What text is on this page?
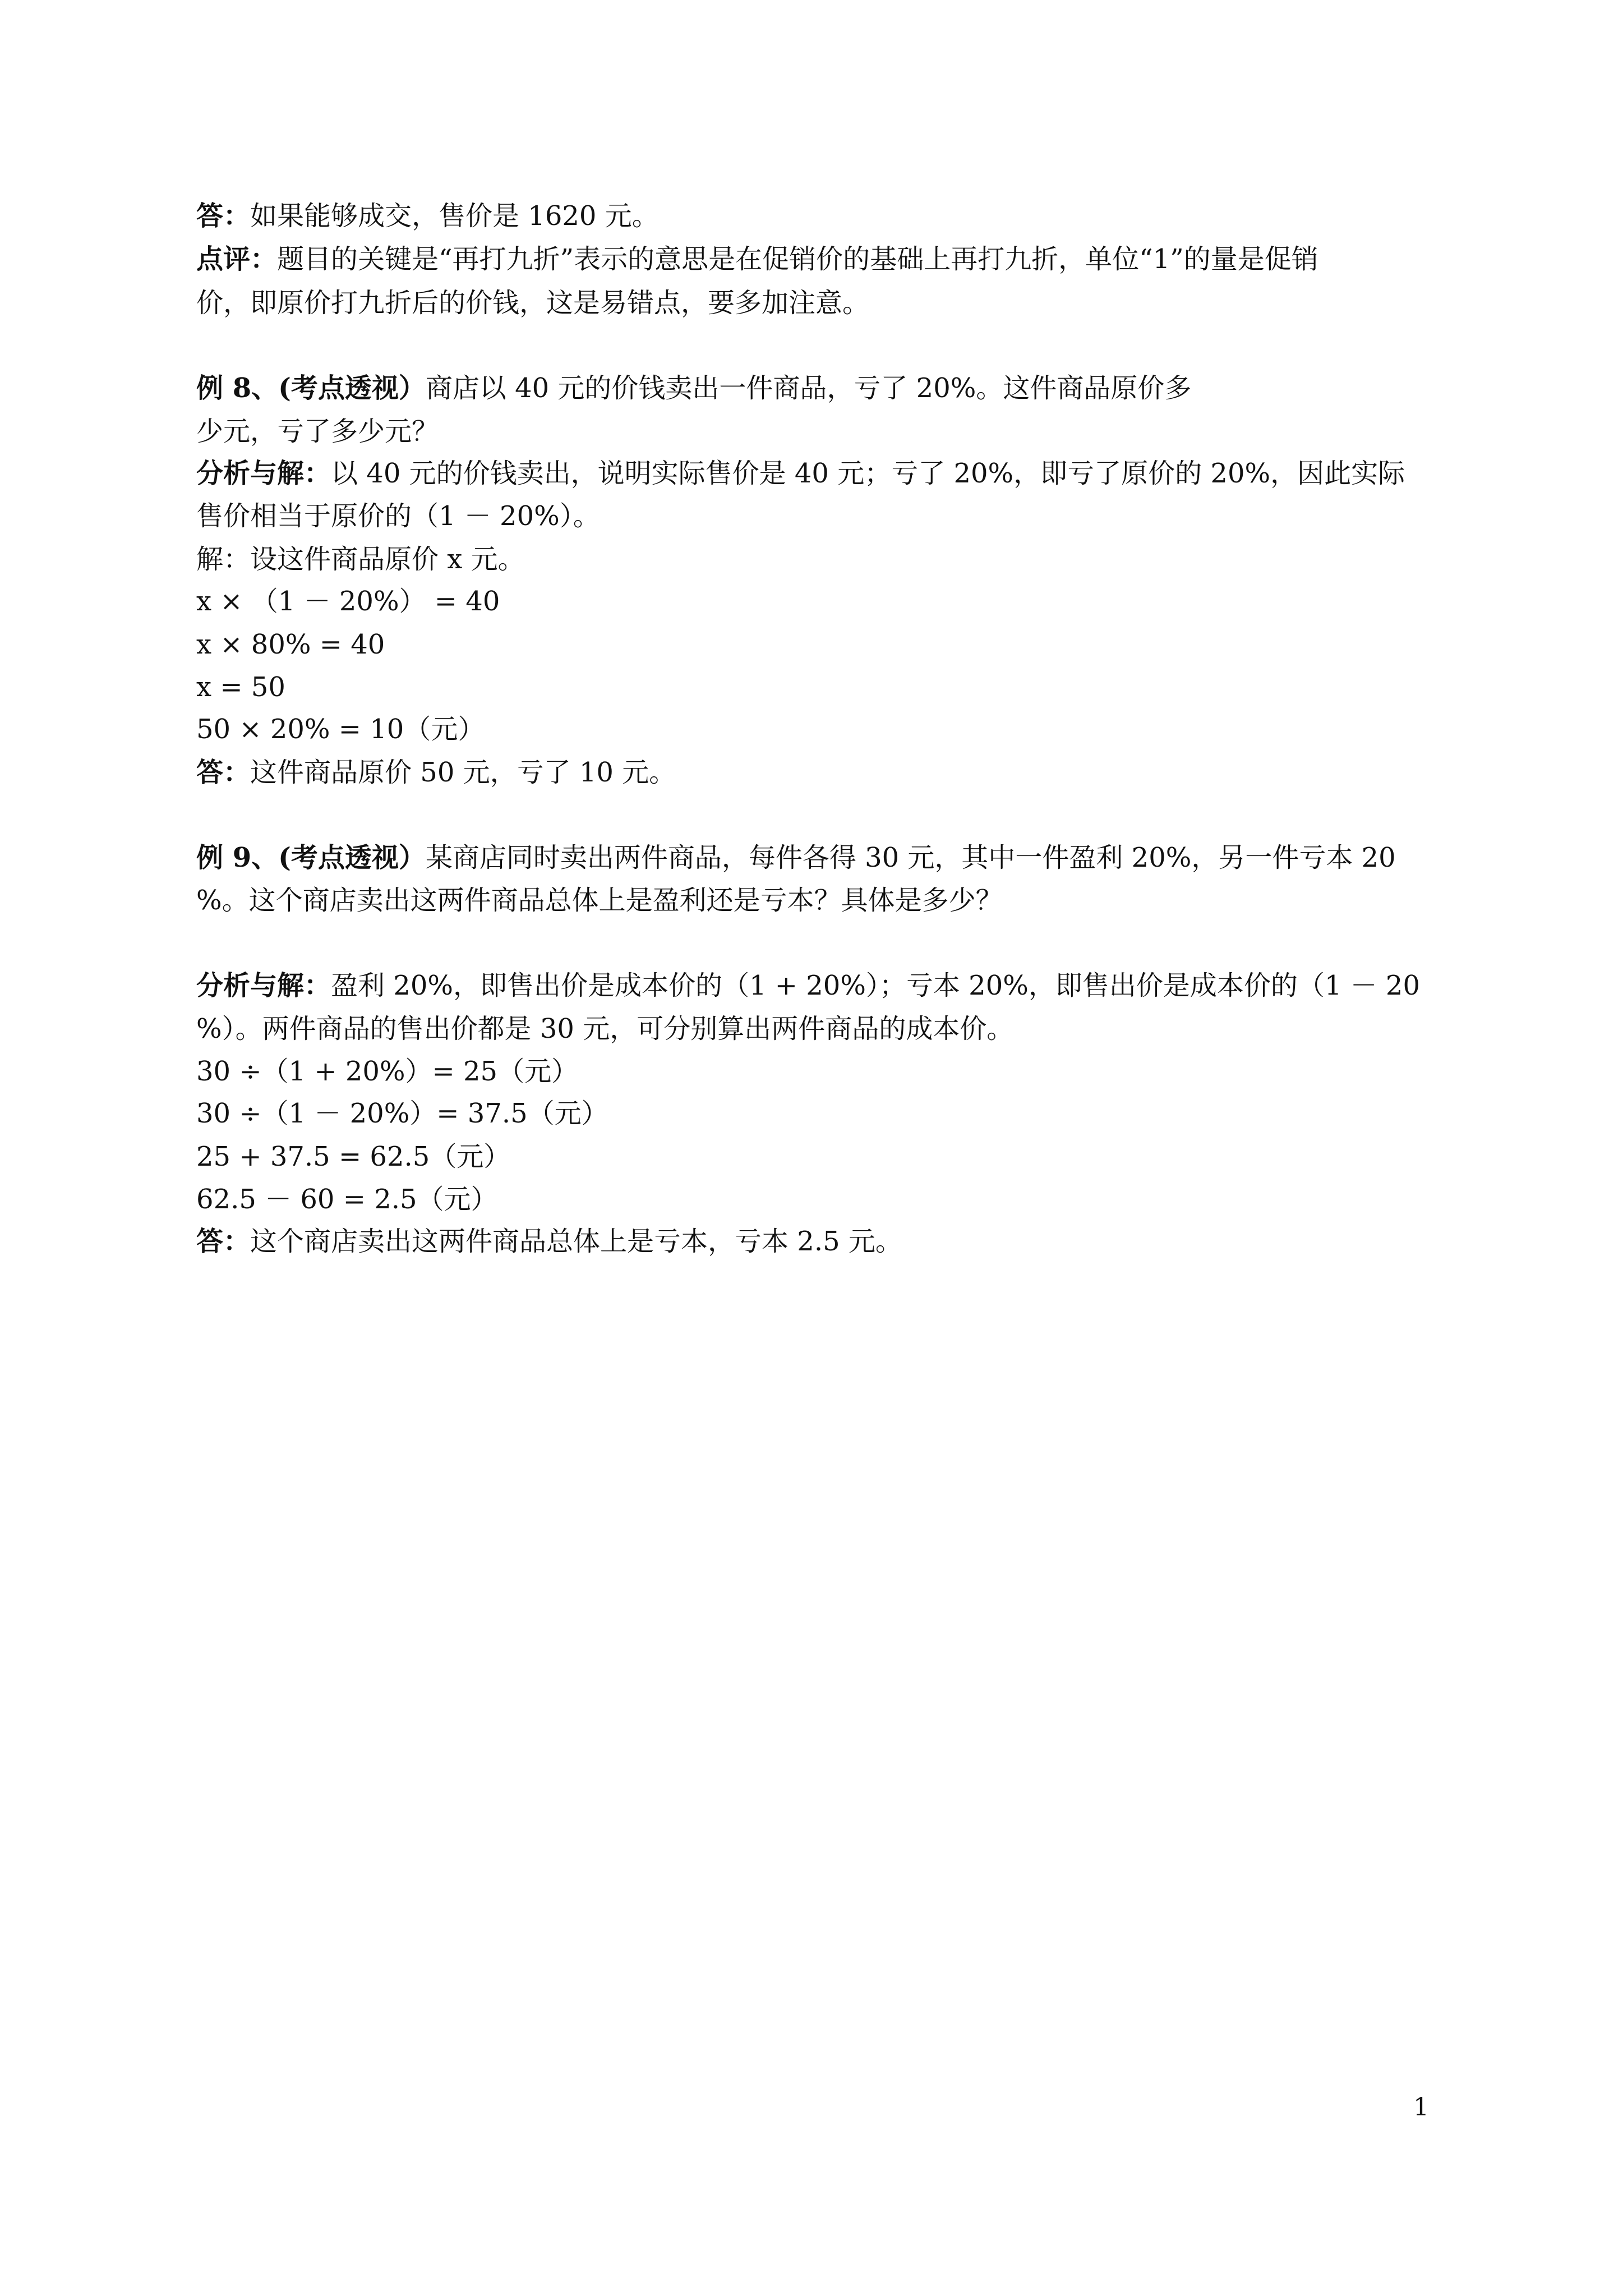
答：如果能够成交，售价是 1620 元。
点评：题目的关键是“再打九折”表示的意思是在促销价的基础上再打九折，单位“1”的量是促销
价，即原价打九折后的价钱，这是易错点，要多加注意。
例 8、(考点透视）商店以 40 元的价钱卖出一件商品，亏了 20%。这件商品原价多
少元，亏了多少元？
分析与解：以 40 元的价钱卖出，说明实际售价是 40 元；亏了 20%，即亏了原价的 20%，因此实际
售价相当于原价的（1 － 20%）。
解：设这件商品原价 x 元。
x × （1 － 20%） = 40
x × 80% = 40
x = 50
50 × 20% = 10（元）
答：这件商品原价 50 元，亏了 10 元。
例 9、(考点透视）某商店同时卖出两件商品，每件各得 30 元，其中一件盈利 20%，另一件亏本 20
%。这个商店卖出这两件商品总体上是盈利还是亏本？具体是多少？
分析与解：盈利 20%，即售出价是成本价的（1 + 20%）；亏本 20%，即售出价是成本价的（1 － 20
%）。两件商品的售出价都是 30 元，可分别算出两件商品的成本价。
30 ÷（1 + 20%）= 25（元）
30 ÷（1 － 20%）= 37.5（元）
25 + 37.5 = 62.5（元）
62.5 － 60 = 2.5（元）
答：这个商店卖出这两件商品总体上是亏本，亏本 2.5 元。
1
